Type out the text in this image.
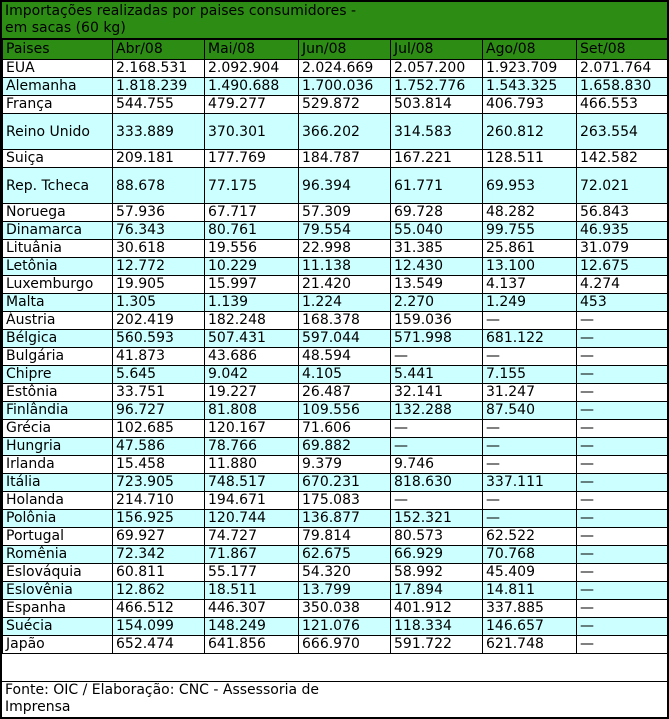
Importações realizadas por paises consumidores -
em sacas (60 kg)
Paises	Abr/08	Mai/08	Jun/08	Jul/08	Ago/08	Set/08
EUA	2.168.531	2.092.904	2.024.669	2.057.200	1.923.709	2.071.764
Alemanha	1.818.239	1.490.688	1.700.036	1.752.776	1.543.325	1.658.830
França	544.755	479.277	529.872	503.814	406.793	466.553
Reino Unido	333.889	370.301	366.202	314.583	260.812	263.554
Suiça	209.181	177.769	184.787	167.221	128.511	142.582
Rep. Tcheca	88.678	77.175	96.394	61.771	69.953	72.021
Noruega	57.936	67.717	57.309	69.728	48.282	56.843
Dinamarca	76.343	80.761	79.554	55.040	99.755	46.935
Lituânia	30.618	19.556	22.998	31.385	25.861	31.079
Letônia	12.772	10.229	11.138	12.430	13.100	12.675
Luxemburgo	19.905	15.997	21.420	13.549	4.137	4.274
Malta	1.305	1.139	1.224	2.270	1.249	453
Áustria	202.419	182.248	168.378	159.036	—	—
Bélgica	560.593	507.431	597.044	571.998	681.122	—
Bulgária	41.873	43.686	48.594	—	—	—
Chipre	5.645	9.042	4.105	5.441	7.155	—
Estônia	33.751	19.227	26.487	32.141	31.247	—
Finlândia	96.727	81.808	109.556	132.288	87.540	—
Grécia	102.685	120.167	71.606	—	—	—
Hungria	47.586	78.766	69.882	—	—	—
Irlanda	15.458	11.880	9.379	9.746	—	—
Itália	723.905	748.517	670.231	818.630	337.111	—
Holanda	214.710	194.671	175.083	—	—	—
Polônia	156.925	120.744	136.877	152.321	—	—
Portugal	69.927	74.727	79.814	80.573	62.522	—
Romênia	72.342	71.867	62.675	66.929	70.768	—
Eslováquia	60.811	55.177	54.320	58.992	45.409	—
Eslovênia	12.862	18.511	13.799	17.894	14.811	—
Espanha	466.512	446.307	350.038	401.912	337.885	—
Suécia	154.099	148.249	121.076	118.334	146.657	—
Japão	652.474	641.856	666.970	591.722	621.748	—
Fonte: OIC / Elaboração: CNC - Assessoria de
Imprensa
